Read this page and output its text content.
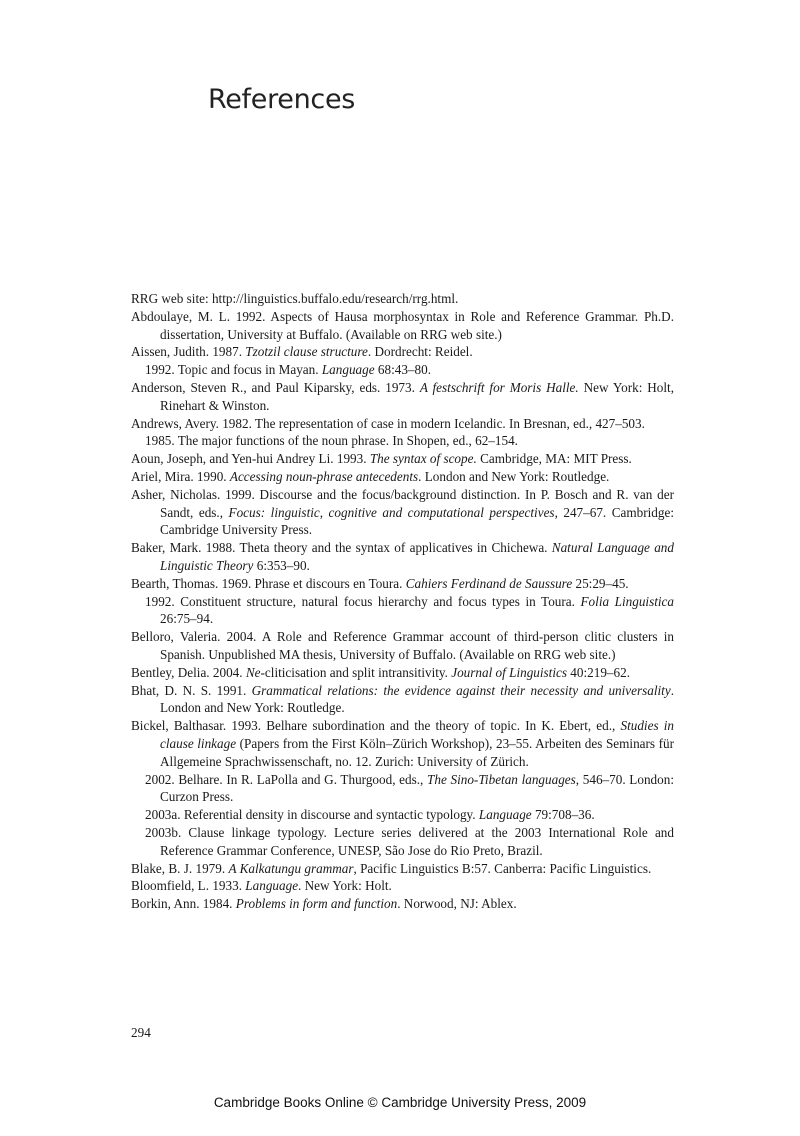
References
RRG web site: http://linguistics.buffalo.edu/research/rrg.html.
Abdoulaye, M. L. 1992. Aspects of Hausa morphosyntax in Role and Reference Grammar. Ph.D. dissertation, University at Buffalo. (Available on RRG web site.)
Aissen, Judith. 1987. Tzotzil clause structure. Dordrecht: Reidel.
1992. Topic and focus in Mayan. Language 68:43–80.
Anderson, Steven R., and Paul Kiparsky, eds. 1973. A festschrift for Moris Halle. New York: Holt, Rinehart & Winston.
Andrews, Avery. 1982. The representation of case in modern Icelandic. In Bresnan, ed., 427–503.
1985. The major functions of the noun phrase. In Shopen, ed., 62–154.
Aoun, Joseph, and Yen-hui Andrey Li. 1993. The syntax of scope. Cambridge, MA: MIT Press.
Ariel, Mira. 1990. Accessing noun-phrase antecedents. London and New York: Routledge.
Asher, Nicholas. 1999. Discourse and the focus/background distinction. In P. Bosch and R. van der Sandt, eds., Focus: linguistic, cognitive and computational perspectives, 247–67. Cambridge: Cambridge University Press.
Baker, Mark. 1988. Theta theory and the syntax of applicatives in Chichewa. Natural Language and Linguistic Theory 6:353–90.
Bearth, Thomas. 1969. Phrase et discours en Toura. Cahiers Ferdinand de Saussure 25:29–45.
1992. Constituent structure, natural focus hierarchy and focus types in Toura. Folia Linguistica 26:75–94.
Belloro, Valeria. 2004. A Role and Reference Grammar account of third-person clitic clusters in Spanish. Unpublished MA thesis, University of Buffalo. (Available on RRG web site.)
Bentley, Delia. 2004. Ne-cliticisation and split intransitivity. Journal of Linguistics 40:219–62.
Bhat, D. N. S. 1991. Grammatical relations: the evidence against their necessity and universality. London and New York: Routledge.
Bickel, Balthasar. 1993. Belhare subordination and the theory of topic. In K. Ebert, ed., Studies in clause linkage (Papers from the First Köln–Zürich Workshop), 23–55. Arbeiten des Seminars für Allgemeine Sprachwissenschaft, no. 12. Zurich: University of Zürich.
2002. Belhare. In R. LaPolla and G. Thurgood, eds., The Sino-Tibetan languages, 546–70. London: Curzon Press.
2003a. Referential density in discourse and syntactic typology. Language 79:708–36.
2003b. Clause linkage typology. Lecture series delivered at the 2003 International Role and Reference Grammar Conference, UNESP, São Jose do Rio Preto, Brazil.
Blake, B. J. 1979. A Kalkatungu grammar, Pacific Linguistics B:57. Canberra: Pacific Linguistics.
Bloomfield, L. 1933. Language. New York: Holt.
Borkin, Ann. 1984. Problems in form and function. Norwood, NJ: Ablex.
294
Cambridge Books Online © Cambridge University Press, 2009
